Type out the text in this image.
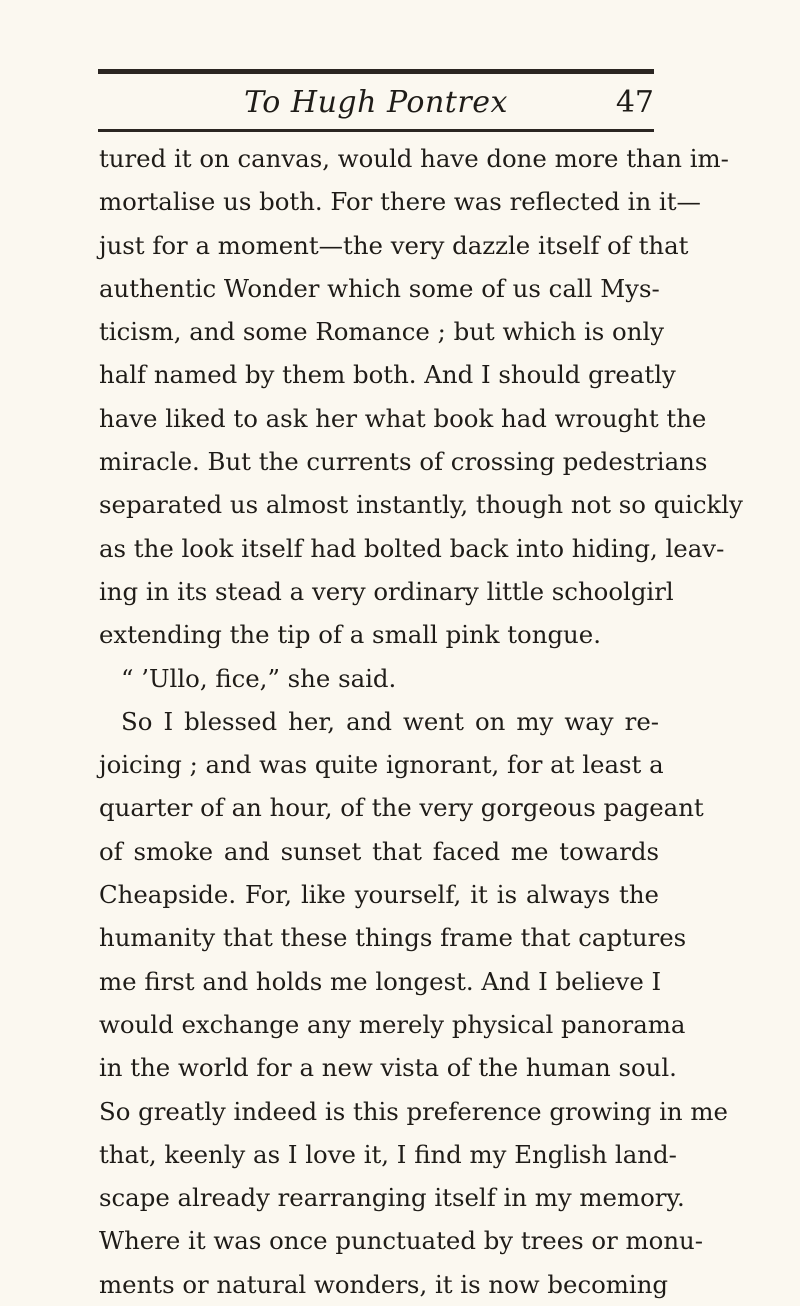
To Hugh Pontrex	47
tured it on canvas, would have done more than im-
mortalise us both. For there was reflected in it—
just for a moment—the very dazzle itself of that
authentic Wonder which some of us call Mys-
ticism, and some Romance ; but which is only
half named by them both. And I should greatly
have liked to ask her what book had wrought the
miracle. But the currents of crossing pedestrians
separated us almost instantly, though not so quickly
as the look itself had bolted back into hiding, leav-
ing in its stead a very ordinary little schoolgirl
extending the tip of a small pink tongue.
“ ’Ullo, fice,” she said.
So I blessed her, and went on my way re-
joicing ; and was quite ignorant, for at least a
quarter of an hour, of the very gorgeous pageant
of smoke and sunset that faced me towards
Cheapside. For, like yourself, it is always the
humanity that these things frame that captures
me first and holds me longest. And I believe I
would exchange any merely physical panorama
in the world for a new vista of the human soul.
So greatly indeed is this preference growing in me
that, keenly as I love it, I find my English land-
scape already rearranging itself in my memory.
Where it was once punctuated by trees or monu-
ments or natural wonders, it is now becoming
